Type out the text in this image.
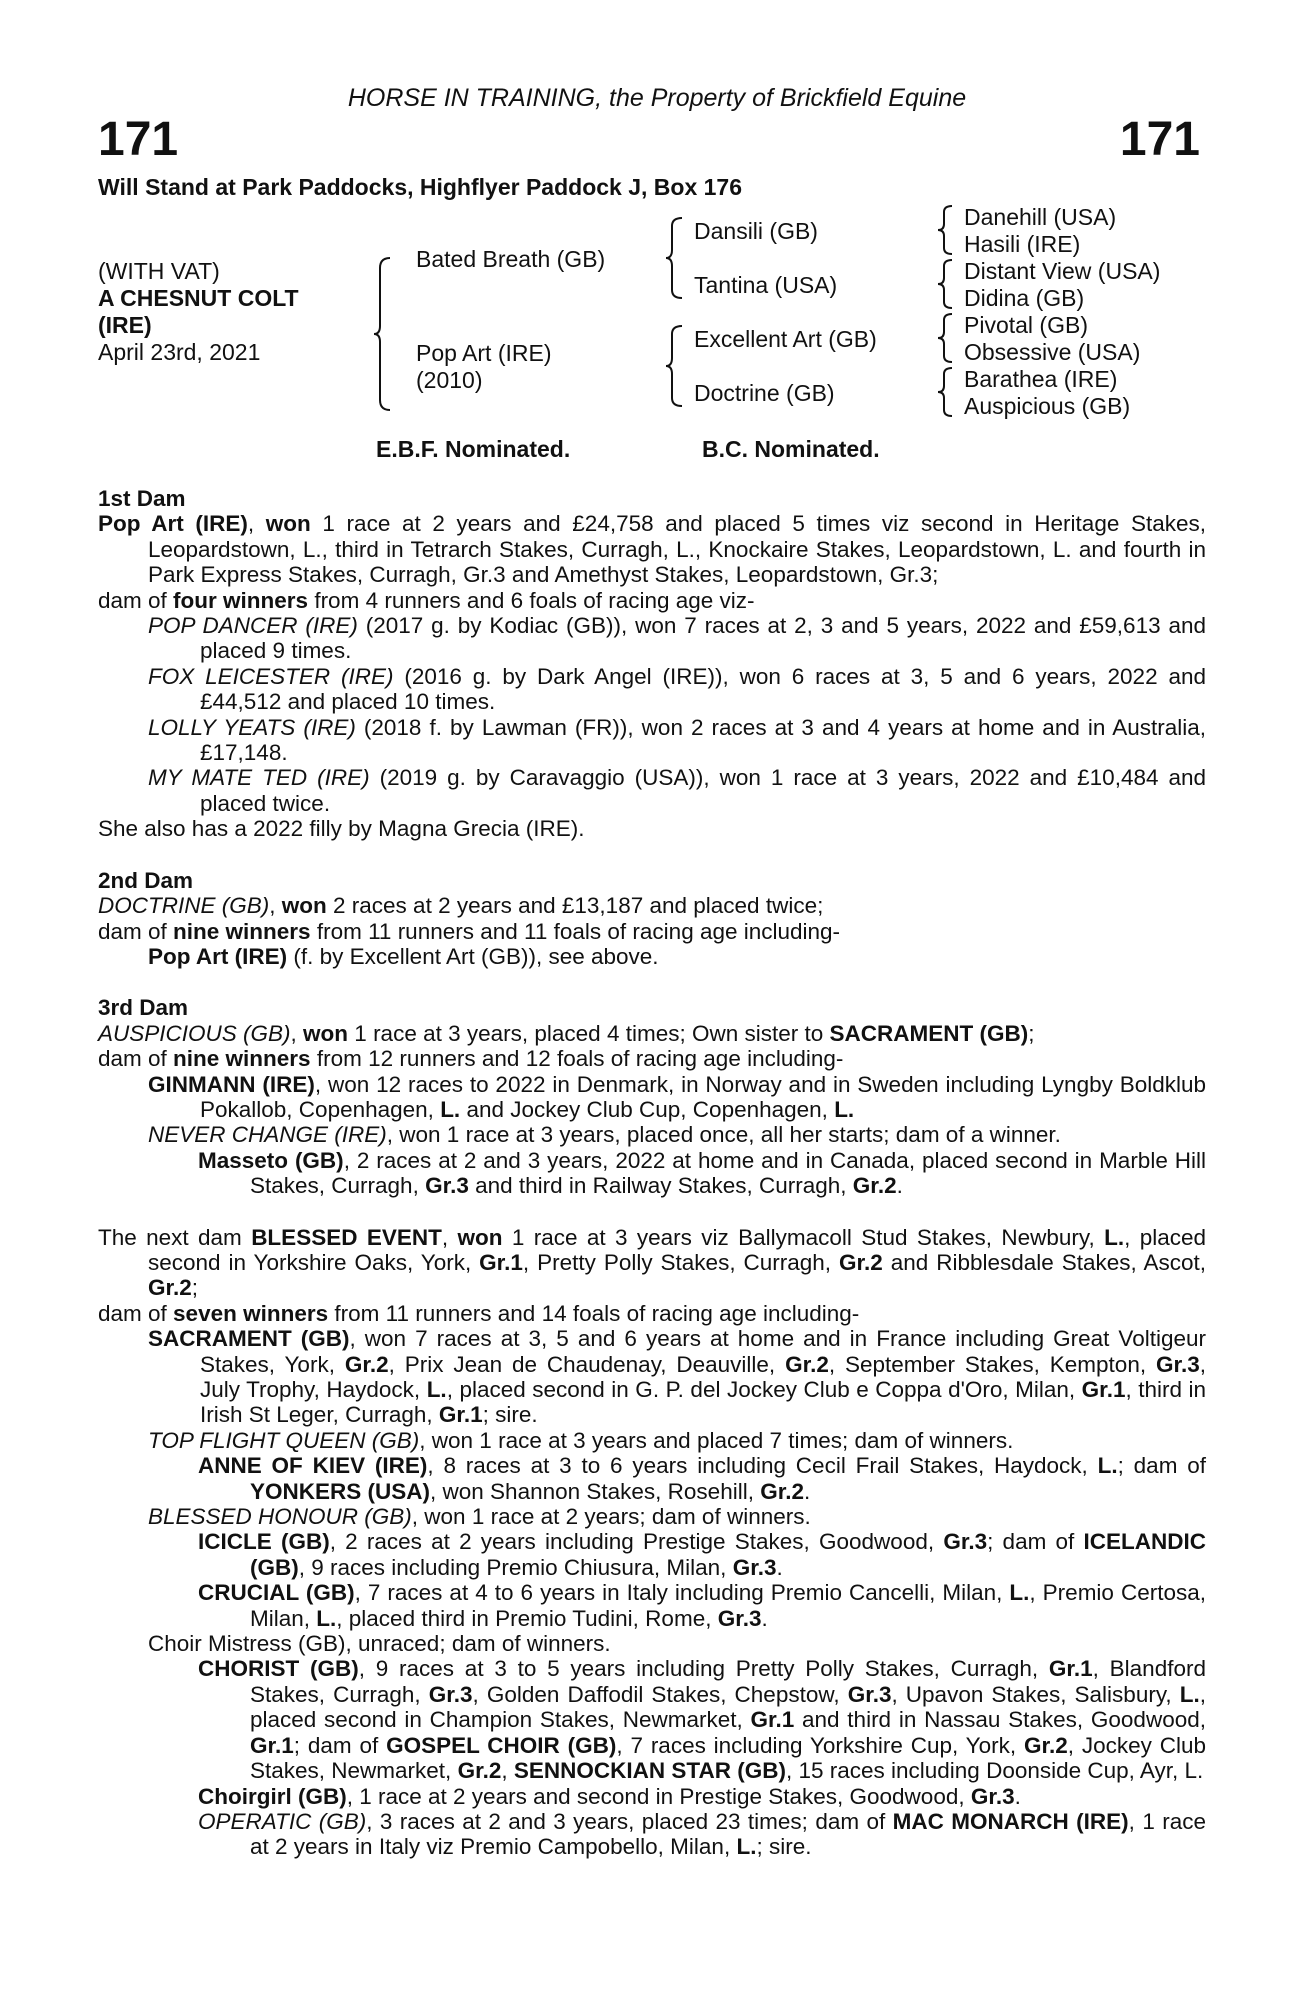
HORSE IN TRAINING, the Property of Brickfield Equine
171	171
Will Stand at Park Paddocks, Highflyer Paddock J, Box 176
(WITH VAT)
A CHESNUT COLT
(IRE)
April 23rd, 2021
Bated Breath (GB)
Pop Art (IRE)
(2010)
Dansili (GB)
Tantina (USA)
Excellent Art (GB)
Doctrine (GB)
Danehill (USA)
Hasili (IRE)
Distant View (USA)
Didina (GB)
Pivotal (GB)
Obsessive (USA)
Barathea (IRE)
Auspicious (GB)
E.B.F. Nominated.	B.C. Nominated.

1st Dam

Pop Art (IRE), won 1 race at 2 years and £24,758 and placed 5 times viz second in Heritage Stakes, Leopardstown, L., third in Tetrarch Stakes, Curragh, L., Knockaire Stakes, Leopardstown, L. and fourth in Park Express Stakes, Curragh, Gr.3 and Amethyst Stakes, Leopardstown, Gr.3;

dam of four winners from 4 runners and 6 foals of racing age viz-

POP DANCER (IRE) (2017 g. by Kodiac (GB)), won 7 races at 2, 3 and 5 years, 2022 and £59,613 and placed 9 times.

FOX LEICESTER (IRE) (2016 g. by Dark Angel (IRE)), won 6 races at 3, 5 and 6 years, 2022 and £44,512 and placed 10 times.

LOLLY YEATS (IRE) (2018 f. by Lawman (FR)), won 2 races at 3 and 4 years at home and in Australia, £17,148.

MY MATE TED (IRE) (2019 g. by Caravaggio (USA)), won 1 race at 3 years, 2022 and £10,484 and placed twice.

She also has a 2022 filly by Magna Grecia (IRE).

2nd Dam

DOCTRINE (GB), won 2 races at 2 years and £13,187 and placed twice;

dam of nine winners from 11 runners and 11 foals of racing age including-

Pop Art (IRE) (f. by Excellent Art (GB)), see above.

3rd Dam

AUSPICIOUS (GB), won 1 race at 3 years, placed 4 times; Own sister to SACRAMENT (GB);

dam of nine winners from 12 runners and 12 foals of racing age including-

GINMANN (IRE), won 12 races to 2022 in Denmark, in Norway and in Sweden including Lyngby Boldklub Pokallob, Copenhagen, L. and Jockey Club Cup, Copenhagen, L.

NEVER CHANGE (IRE), won 1 race at 3 years, placed once, all her starts; dam of a winner.

Masseto (GB), 2 races at 2 and 3 years, 2022 at home and in Canada, placed second in Marble Hill Stakes, Curragh, Gr.3 and third in Railway Stakes, Curragh, Gr.2.

The next dam BLESSED EVENT, won 1 race at 3 years viz Ballymacoll Stud Stakes, Newbury, L., placed second in Yorkshire Oaks, York, Gr.1, Pretty Polly Stakes, Curragh, Gr.2 and Ribblesdale Stakes, Ascot, Gr.2;

dam of seven winners from 11 runners and 14 foals of racing age including-

SACRAMENT (GB), won 7 races at 3, 5 and 6 years at home and in France including Great Voltigeur Stakes, York, Gr.2, Prix Jean de Chaudenay, Deauville, Gr.2, September Stakes, Kempton, Gr.3, July Trophy, Haydock, L., placed second in G. P. del Jockey Club e Coppa d'Oro, Milan, Gr.1, third in Irish St Leger, Curragh, Gr.1; sire.

TOP FLIGHT QUEEN (GB), won 1 race at 3 years and placed 7 times; dam of winners.

ANNE OF KIEV (IRE), 8 races at 3 to 6 years including Cecil Frail Stakes, Haydock, L.; dam of YONKERS (USA), won Shannon Stakes, Rosehill, Gr.2.

BLESSED HONOUR (GB), won 1 race at 2 years; dam of winners.

ICICLE (GB), 2 races at 2 years including Prestige Stakes, Goodwood, Gr.3; dam of ICELANDIC (GB), 9 races including Premio Chiusura, Milan, Gr.3.

CRUCIAL (GB), 7 races at 4 to 6 years in Italy including Premio Cancelli, Milan, L., Premio Certosa, Milan, L., placed third in Premio Tudini, Rome, Gr.3.

Choir Mistress (GB), unraced; dam of winners.

CHORIST (GB), 9 races at 3 to 5 years including Pretty Polly Stakes, Curragh, Gr.1, Blandford Stakes, Curragh, Gr.3, Golden Daffodil Stakes, Chepstow, Gr.3, Upavon Stakes, Salisbury, L., placed second in Champion Stakes, Newmarket, Gr.1 and third in Nassau Stakes, Goodwood, Gr.1; dam of GOSPEL CHOIR (GB), 7 races including Yorkshire Cup, York, Gr.2, Jockey Club Stakes, Newmarket, Gr.2, SENNOCKIAN STAR (GB), 15 races including Doonside Cup, Ayr, L.

Choirgirl (GB), 1 race at 2 years and second in Prestige Stakes, Goodwood, Gr.3.

OPERATIC (GB), 3 races at 2 and 3 years, placed 23 times; dam of MAC MONARCH (IRE), 1 race at 2 years in Italy viz Premio Campobello, Milan, L.; sire.
